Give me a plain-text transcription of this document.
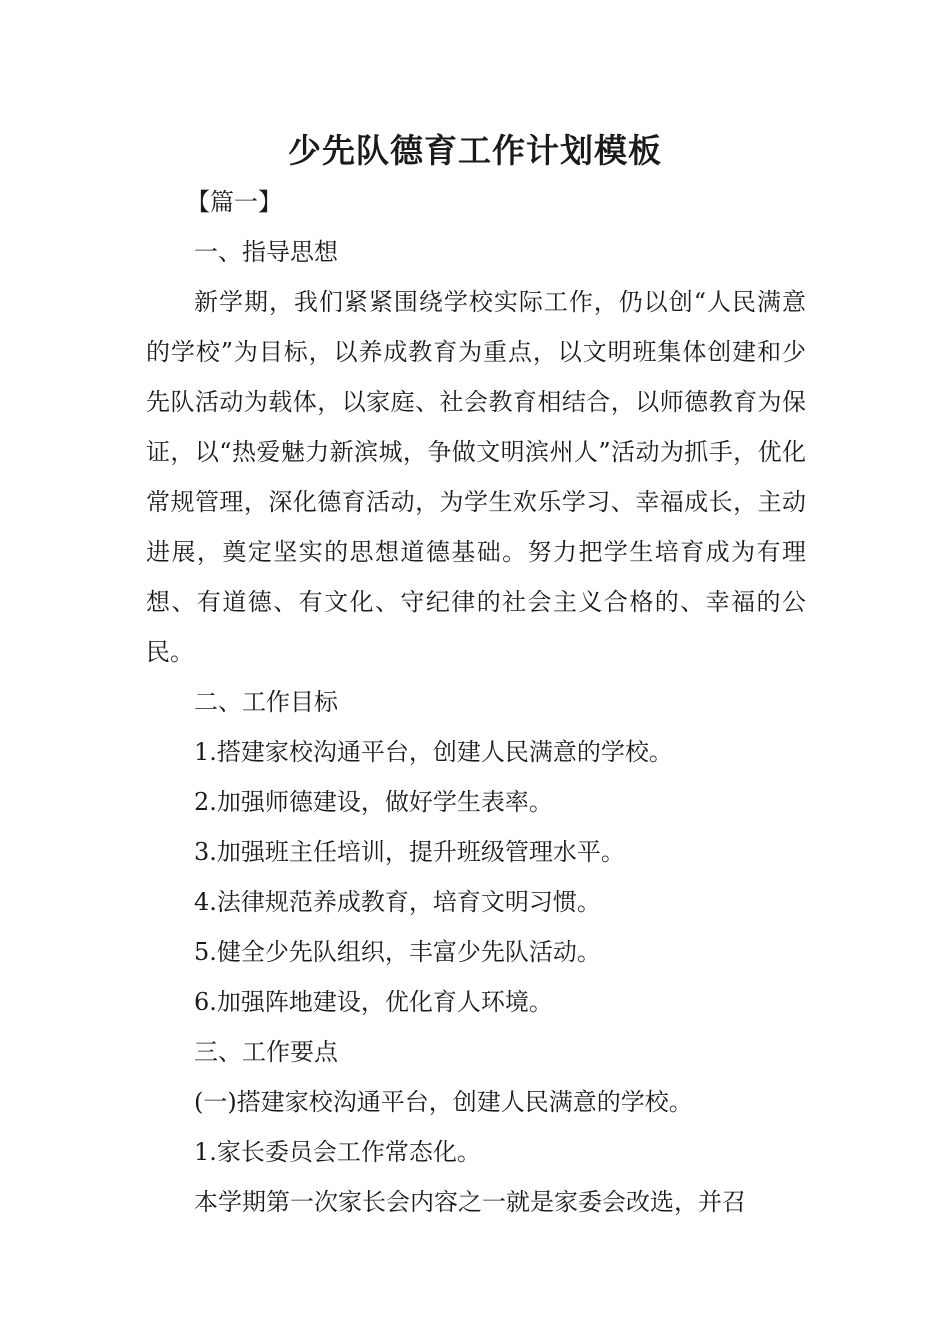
少先队德育工作计划模板

【篇一】

一、指导思想

新学期，我们紧紧围绕学校实际工作，仍以创“人民满意的学校”为目标，以养成教育为重点，以文明班集体创建和少先队活动为载体，以家庭、社会教育相结合，以师德教育为保证，以“热爱魅力新滨城，争做文明滨州人”活动为抓手，优化常规管理，深化德育活动，为学生欢乐学习、幸福成长，主动进展，奠定坚实的思想道德基础。努力把学生培育成为有理想、有道德、有文化、守纪律的社会主义合格的、幸福的公民。

二、工作目标

1.搭建家校沟通平台，创建人民满意的学校。

2.加强师德建设，做好学生表率。

3.加强班主任培训，提升班级管理水平。

4.法律规范养成教育，培育文明习惯。

5.健全少先队组织，丰富少先队活动。

6.加强阵地建设，优化育人环境。

三、工作要点

(一)搭建家校沟通平台，创建人民满意的学校。

1.家长委员会工作常态化。

本学期第一次家长会内容之一就是家委会改选，并召
